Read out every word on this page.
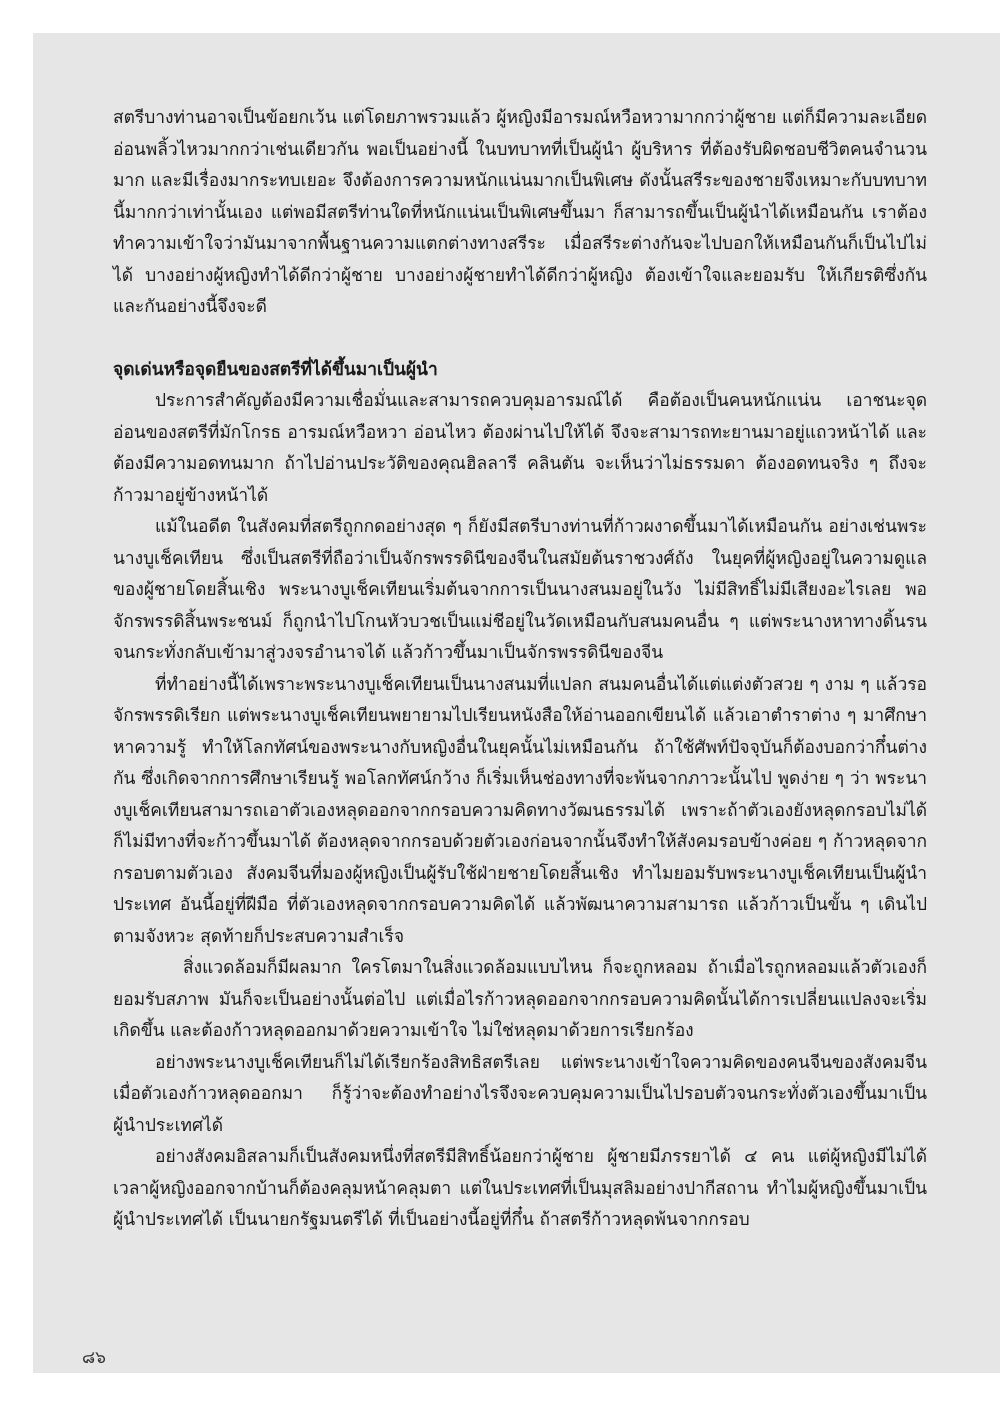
สตรีบางท่านอาจเป็นข้อยกเว้น แต่โดยภาพรวมแล้ว ผู้หญิงมีอารมณ์หวือหวามากกว่าผู้ชาย แต่ก็มีความละเอียดอ่อนพลิ้วไหวมากกว่าเช่นเดียวกัน พอเป็นอย่างนี้ ในบทบาทที่เป็นผู้นำ ผู้บริหาร ที่ต้องรับผิดชอบชีวิตคนจำนวนมาก และมีเรื่องมากระทบเยอะ จึงต้องการความหนักแน่นมากเป็นพิเศษ ดังนั้นสรีระของชายจึงเหมาะกับบทบาทนี้มากกว่าเท่านั้นเอง แต่พอมีสตรีท่านใดที่หนักแน่นเป็นพิเศษขึ้นมา ก็สามารถขึ้นเป็นผู้นำได้เหมือนกัน เราต้องทำความเข้าใจว่ามันมาจากพื้นฐานความแตกต่างทางสรีระ เมื่อสรีระต่างกันจะไปบอกให้เหมือนกันก็เป็นไปไม่ได้ บางอย่างผู้หญิงทำได้ดีกว่าผู้ชาย บางอย่างผู้ชายทำได้ดีกว่าผู้หญิง ต้องเข้าใจและยอมรับ ให้เกียรติซึ่งกันและกันอย่างนี้จึงจะดี

จุดเด่นหรือจุดยืนของสตรีที่ได้ขึ้นมาเป็นผู้นำ

ประการสำคัญต้องมีความเชื่อมั่นและสามารถควบคุมอารมณ์ได้ คือต้องเป็นคนหนักแน่น เอาชนะจุดอ่อนของสตรีที่มักโกรธ อารมณ์หวือหวา อ่อนไหว ต้องผ่านไปให้ได้ จึงจะสามารถทะยานมาอยู่แถวหน้าได้ และต้องมีความอดทนมาก ถ้าไปอ่านประวัติของคุณฮิลลารี คลินตัน จะเห็นว่าไม่ธรรมดา ต้องอดทนจริง ๆ ถึงจะก้าวมาอยู่ข้างหน้าได้

แม้ในอดีต ในสังคมที่สตรีถูกกดอย่างสุด ๆ ก็ยังมีสตรีบางท่านที่ก้าวผงาดขึ้นมาได้เหมือนกัน อย่างเช่นพระนางบูเช็คเทียน ซึ่งเป็นสตรีที่ถือว่าเป็นจักรพรรดินีของจีนในสมัยต้นราชวงศ์ถัง ในยุคที่ผู้หญิงอยู่ในความดูแลของผู้ชายโดยสิ้นเชิง พระนางบูเช็คเทียนเริ่มต้นจากการเป็นนางสนมอยู่ในวัง ไม่มีสิทธิ์ไม่มีเสียงอะไรเลย พอจักรพรรดิสิ้นพระชนม์ ก็ถูกนำไปโกนหัวบวชเป็นแม่ชีอยู่ในวัดเหมือนกับสนมคนอื่น ๆ แต่พระนางหาทางดิ้นรนจนกระทั่งกลับเข้ามาสู่วงจรอำนาจได้ แล้วก้าวขึ้นมาเป็นจักรพรรดินีของจีน

ที่ทำอย่างนี้ได้เพราะพระนางบูเช็คเทียนเป็นนางสนมที่แปลก สนมคนอื่นได้แต่แต่งตัวสวย ๆ งาม ๆ แล้วรอจักรพรรดิเรียก แต่พระนางบูเช็คเทียนพยายามไปเรียนหนังสือให้อ่านออกเขียนได้ แล้วเอาตำราต่าง ๆ มาศึกษาหาความรู้ ทำให้โลกทัศน์ของพระนางกับหญิงอื่นในยุคนั้นไม่เหมือนกัน ถ้าใช้ศัพท์ปัจจุบันก็ต้องบอกว่ากึ๋นต่างกัน ซึ่งเกิดจากการศึกษาเรียนรู้ พอโลกทัศน์กว้าง ก็เริ่มเห็นช่องทางที่จะพ้นจากภาวะนั้นไป พูดง่าย ๆ ว่า พระนางบูเช็คเทียนสามารถเอาตัวเองหลุดออกจากกรอบความคิดทางวัฒนธรรมได้ เพราะถ้าตัวเองยังหลุดกรอบไม่ได้ ก็ไม่มีทางที่จะก้าวขึ้นมาได้ ต้องหลุดจากกรอบด้วยตัวเองก่อนจากนั้นจึงทำให้สังคมรอบข้างค่อย ๆ ก้าวหลุดจากกรอบตามตัวเอง สังคมจีนที่มองผู้หญิงเป็นผู้รับใช้ฝ่ายชายโดยสิ้นเชิง ทำไมยอมรับพระนางบูเช็คเทียนเป็นผู้นำประเทศ อันนี้อยู่ที่ฝีมือ ที่ตัวเองหลุดจากกรอบความคิดได้ แล้วพัฒนาความสามารถ แล้วก้าวเป็นขั้น ๆ เดินไปตามจังหวะ สุดท้ายก็ประสบความสำเร็จ

สิ่งแวดล้อมก็มีผลมาก ใครโตมาในสิ่งแวดล้อมแบบไหน ก็จะถูกหลอม ถ้าเมื่อไรถูกหลอมแล้วตัวเองก็ยอมรับสภาพ มันก็จะเป็นอย่างนั้นต่อไป แต่เมื่อไรก้าวหลุดออกจากกรอบความคิดนั้นได้การเปลี่ยนแปลงจะเริ่มเกิดขึ้น และต้องก้าวหลุดออกมาด้วยความเข้าใจ ไม่ใช่หลุดมาด้วยการเรียกร้อง

อย่างพระนางบูเช็คเทียนก็ไม่ได้เรียกร้องสิทธิสตรีเลย แต่พระนางเข้าใจความคิดของคนจีนของสังคมจีน เมื่อตัวเองก้าวหลุดออกมา ก็รู้ว่าจะต้องทำอย่างไรจึงจะควบคุมความเป็นไปรอบตัวจนกระทั่งตัวเองขึ้นมาเป็นผู้นำประเทศได้

อย่างสังคมอิสลามก็เป็นสังคมหนึ่งที่สตรีมีสิทธิ์น้อยกว่าผู้ชาย ผู้ชายมีภรรยาได้ ๔ คน แต่ผู้หญิงมีไม่ได้ เวลาผู้หญิงออกจากบ้านก็ต้องคลุมหน้าคลุมตา แต่ในประเทศที่เป็นมุสลิมอย่างปากีสถาน ทำไมผู้หญิงขึ้นมาเป็นผู้นำประเทศได้ เป็นนายกรัฐมนตรีได้ ที่เป็นอย่างนี้อยู่ที่กึ๋น ถ้าสตรีก้าวหลุดพ้นจากกรอบ

๘๖
